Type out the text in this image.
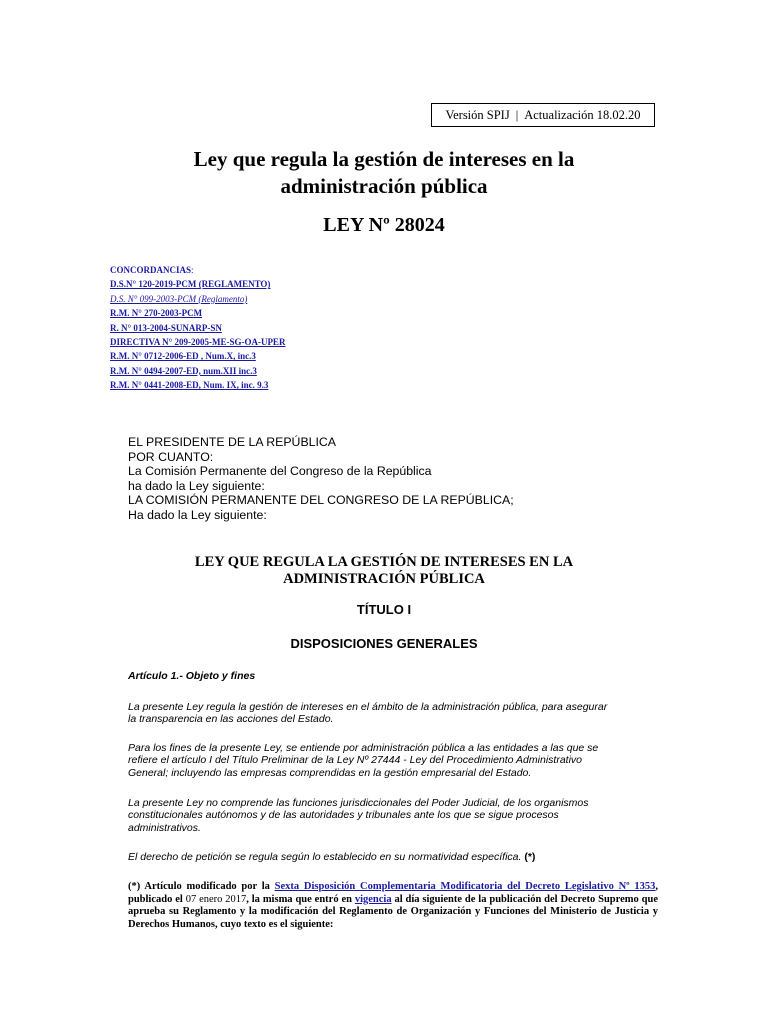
Versión SPIJ | Actualización 18.02.20
Ley que regula la gestión de intereses en la
administración pública
LEY Nº 28024
CONCORDANCIAS:
D.S.N° 120-2019-PCM (REGLAMENTO)
D.S. N° 099-2003-PCM (Reglamento)
R.M. N° 270-2003-PCM
R. N° 013-2004-SUNARP-SN
DIRECTIVA N° 209-2005-ME-SG-OA-UPER
R.M. N° 0712-2006-ED , Num.X, inc.3
R.M. N° 0494-2007-ED, num.XII inc.3
R.M. N° 0441-2008-ED, Num. IX, inc. 9.3
EL PRESIDENTE DE LA REPÚBLICA
POR CUANTO:
La Comisión Permanente del Congreso de la República
ha dado la Ley siguiente:
LA COMISIÓN PERMANENTE DEL CONGRESO DE LA REPÚBLICA;
Ha dado la Ley siguiente:
LEY QUE REGULA LA GESTIÓN DE INTERESES EN LA
ADMINISTRACIÓN PÚBLICA
TÍTULO I
DISPOSICIONES GENERALES
Artículo 1.- Objeto y fines
La presente Ley regula la gestión de intereses en el ámbito de la administración pública, para asegurar
la transparencia en las acciones del Estado.
Para los fines de la presente Ley, se entiende por administración pública a las entidades a las que se
refiere el artículo I del Título Preliminar de la Ley Nº 27444 - Ley del Procedimiento Administrativo
General; incluyendo las empresas comprendidas en la gestión empresarial del Estado.
La presente Ley no comprende las funciones jurisdiccionales del Poder Judicial, de los organismos
constitucionales autónomos y de las autoridades y tribunales ante los que se sigue procesos
administrativos.
El derecho de petición se regula según lo establecido en su normatividad específica. (*)
(*) Artículo modificado por la Sexta Disposición Complementaria Modificatoria del Decreto Legislativo Nº 1353, publicado el 07 enero 2017, la misma que entró en vigencia al día siguiente de la publicación del Decreto Supremo que aprueba su Reglamento y la modificación del Reglamento de Organización y Funciones del Ministerio de Justicia y Derechos Humanos, cuyo texto es el siguiente:
